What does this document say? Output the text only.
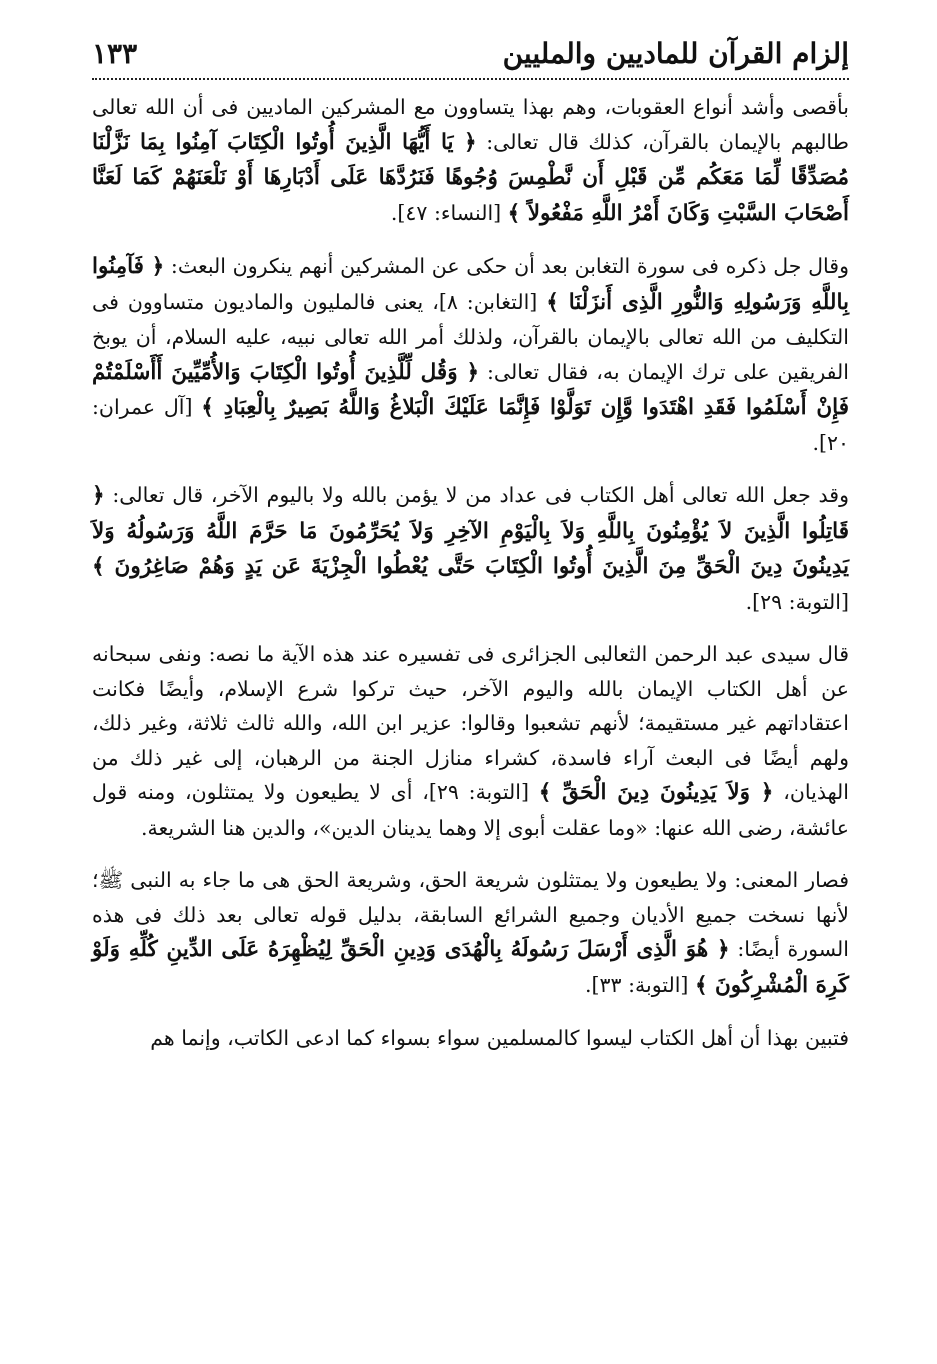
إلزام القرآن للماديين والمليين
١٣٣

بأقصى وأشد أنواع العقوبات، وهم بهذا يتساوون مع المشركين الماديين فى أن الله تعالى طالبهم بالإيمان بالقرآن، كذلك قال تعالى: ﴿ يَا أَيُّهَا الَّذِينَ أُوتُوا الْكِتَابَ آمِنُوا بِمَا نَزَّلْنَا مُصَدِّقًا لِّمَا مَعَكُم مِّن قَبْلِ أَن نَّطْمِسَ وُجُوهًا فَنَرُدَّهَا عَلَى أَدْبَارِهَا أَوْ نَلْعَنَهُمْ كَمَا لَعَنَّا أَصْحَابَ السَّبْتِ وَكَانَ أَمْرُ اللَّهِ مَفْعُولاً ﴾ [النساء: ٤٧].

وقال جل ذكره فى سورة التغابن بعد أن حكى عن المشركين أنهم ينكرون البعث: ﴿ فَآمِنُوا بِاللَّهِ وَرَسُولِهِ وَالنُّورِ الَّذِى أَنزَلْنَا ﴾ [التغابن: ٨]، يعنى فالمليون والماديون متساوون فى التكليف من الله تعالى بالإيمان بالقرآن، ولذلك أمر الله تعالى نبيه، عليه السلام، أن يوبخ الفريقين على ترك الإيمان به، فقال تعالى: ﴿ وَقُل لِّلَّذِينَ أُوتُوا الْكِتَابَ وَالأُمِّيِّينَ أَأَسْلَمْتُمْ فَإِنْ أَسْلَمُوا فَقَدِ اهْتَدَوا وَّإِن تَوَلَّوْا فَإِنَّمَا عَلَيْكَ الْبَلاغُ وَاللَّهُ بَصِيرٌ بِالْعِبَادِ ﴾ [آل عمران: ٢٠].

وقد جعل الله تعالى أهل الكتاب فى عداد من لا يؤمن بالله ولا باليوم الآخر، قال تعالى: ﴿ قَاتِلُوا الَّذِينَ لاَ يُؤْمِنُونَ بِاللَّهِ وَلاَ بِالْيَوْمِ الآخِرِ وَلاَ يُحَرِّمُونَ مَا حَرَّمَ اللَّهُ وَرَسُولُهُ وَلاَ يَدِينُونَ دِينَ الْحَقِّ مِنَ الَّذِينَ أُوتُوا الْكِتَابَ حَتَّى يُعْطُوا الْجِزْيَةَ عَن يَدٍ وَهُمْ صَاغِرُونَ ﴾ [التوبة: ٢٩].

قال سيدى عبد الرحمن الثعالبى الجزائرى فى تفسيره عند هذه الآية ما نصه: ونفى سبحانه عن أهل الكتاب الإيمان بالله واليوم الآخر، حيث تركوا شرع الإسلام، وأيضًا فكانت اعتقاداتهم غير مستقيمة؛ لأنهم تشعبوا وقالوا: عزير ابن الله، والله ثالث ثلاثة، وغير ذلك، ولهم أيضًا فى البعث آراء فاسدة، كشراء منازل الجنة من الرهبان، إلى غير ذلك من الهذيان، ﴿ وَلاَ يَدِينُونَ دِينَ الْحَقِّ ﴾ [التوبة: ٢٩]، أى لا يطيعون ولا يمتثلون، ومنه قول عائشة، رضى الله عنها: «وما عقلت أبوى إلا وهما يدينان الدين»، والدين هنا الشريعة.

فصار المعنى: ولا يطيعون ولا يمتثلون شريعة الحق، وشريعة الحق هى ما جاء به النبى ﷺ؛ لأنها نسخت جميع الأديان وجميع الشرائع السابقة، بدليل قوله تعالى بعد ذلك فى هذه السورة أيضًا: ﴿ هُوَ الَّذِى أَرْسَلَ رَسُولَهُ بِالْهُدَى وَدِينِ الْحَقِّ لِيُظْهِرَهُ عَلَى الدِّينِ كُلِّهِ وَلَوْ كَرِهَ الْمُشْرِكُونَ ﴾ [التوبة: ٣٣].

فتبين بهذا أن أهل الكتاب ليسوا كالمسلمين سواء بسواء كما ادعى الكاتب، وإنما هم
